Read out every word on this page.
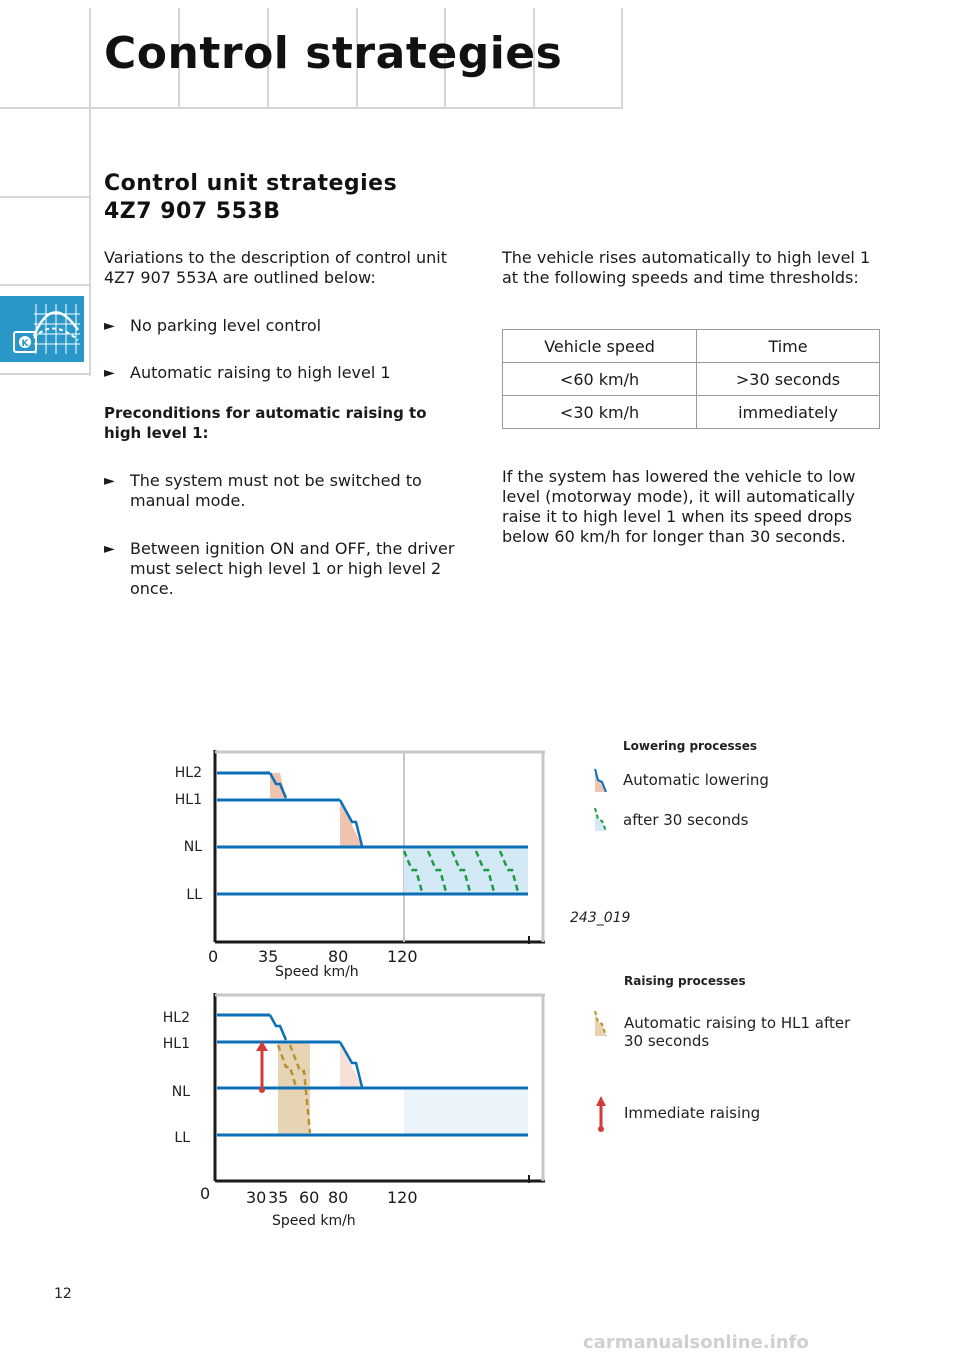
K
Control strategies
Control unit strategies
4Z7 907 553B
Variations to the description of control unit 4Z7 907 553A are outlined below:
► No parking level control
► Automatic raising to high level 1
Preconditions for automatic raising to high level 1:
► The system must not be switched to manual mode.
► Between ignition ON and OFF, the driver must select high level 1 or high level 2 once.
The vehicle rises automatically to high level 1 at the following speeds and time thresholds:
Vehicle speed	Time
<60 km/h	>30 seconds
<30 km/h	immediately
If the system has lowered the vehicle to low level (motorway mode), it will automatically raise it to high level 1 when its speed drops below 60 km/h for longer than 30 seconds.
HL2
HL1
NL
LL
0 35	80 120
Speed km/h
Lowering processes
Automatic lowering
after 30 seconds
243_019
HL2
HL1
NL
LL
0 30 35 60 80 120
Speed km/h
Raising processes
Automatic raising to HL1 after 30 seconds
Immediate raising
12
carmanualsonline.info
